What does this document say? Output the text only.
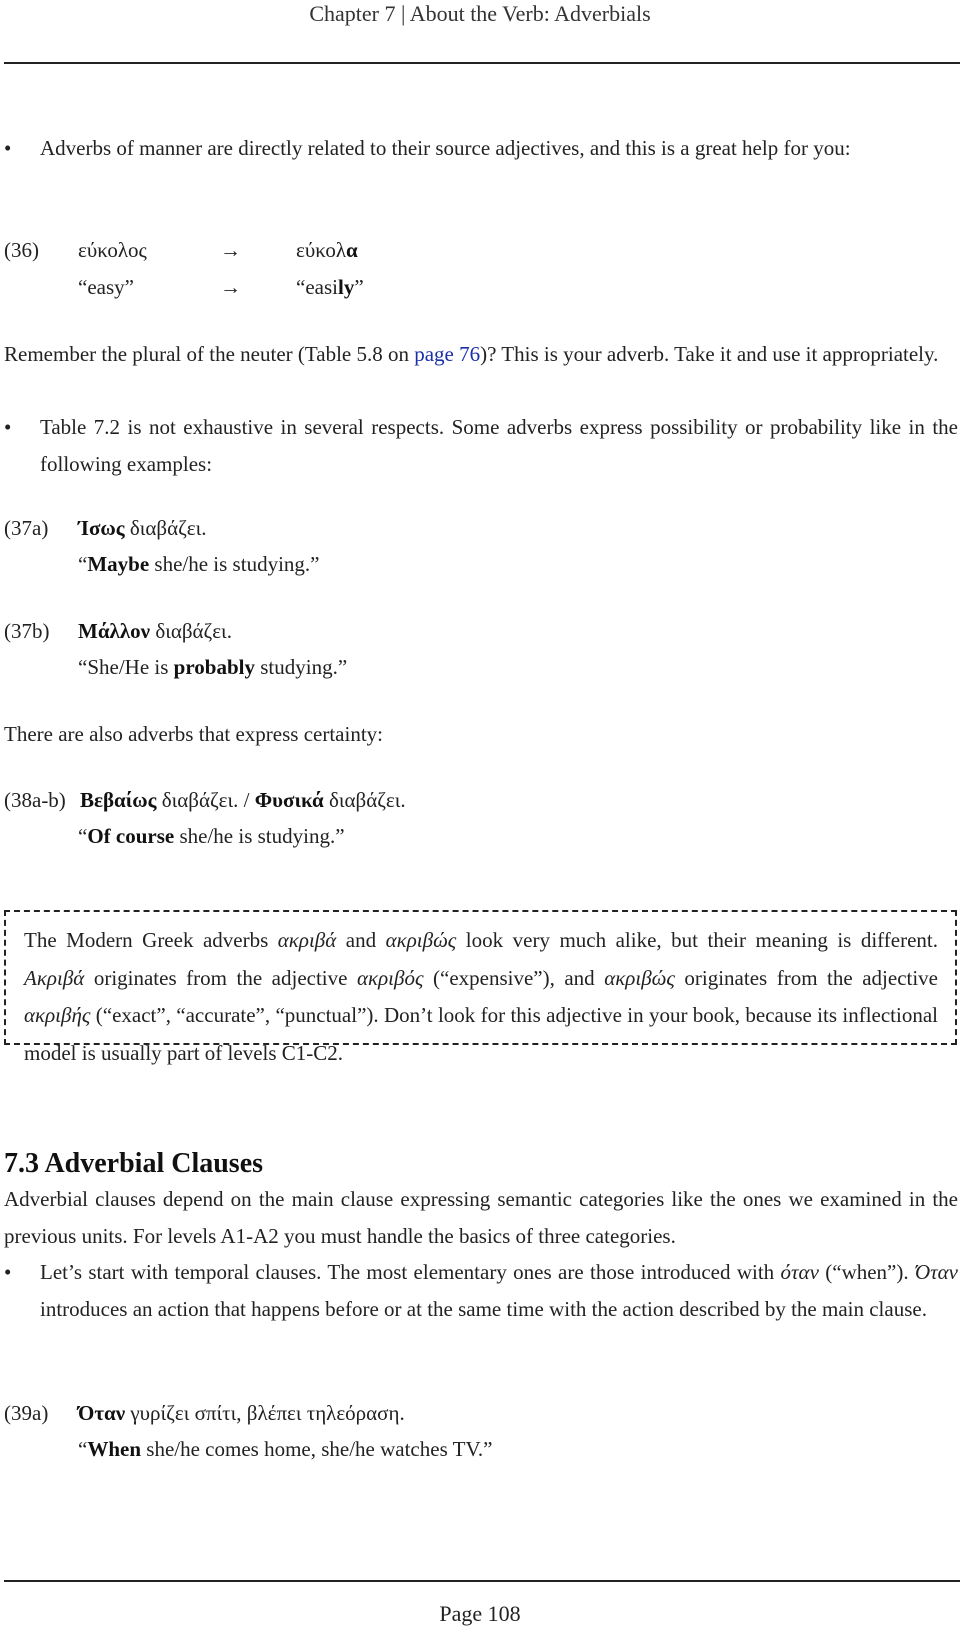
Chapter 7 | About the Verb: Adverbials
• Adverbs of manner are directly related to their source adjectives, and this is a great help for you:
(36) εύκολος	→	εύκολα
“easy”	→	“easily”
Remember the plural of the neuter (Table 5.8 on page 76)? This is your adverb. Take it and use it appropriately.
• Table 7.2 is not exhaustive in several respects. Some adverbs express possibility or probability like in the following examples:
(37a) Ίσως διαβάζει.
“Maybe she/he is studying.”
(37b) Μάλλον διαβάζει.
“She/He is probably studying.”
There are also adverbs that express certainty:
(38a-b) Βεβαίως διαβάζει. / Φυσικά διαβάζει.
“Of course she/he is studying.”
The Modern Greek adverbs ακριβά and ακριβώς look very much alike, but their meaning is different. Ακριβά originates from the adjective ακριβός (“expensive”), and ακριβώς originates from the adjective ακριβής (“exact”, “accurate”, “punctual”). Don’t look for this adjective in your book, because its inflectional model is usually part of levels C1-C2.
7.3 Adverbial Clauses
Adverbial clauses depend on the main clause expressing semantic categories like the ones we examined in the previous units. For levels A1-A2 you must handle the basics of three categories.
• Let’s start with temporal clauses. The most elementary ones are those introduced with όταν (“when”). Όταν introduces an action that happens before or at the same time with the action described by the main clause.
(39a) Όταν γυρίζει σπίτι, βλέπει τηλεόραση.
“When she/he comes home, she/he watches TV.”
Page 108
